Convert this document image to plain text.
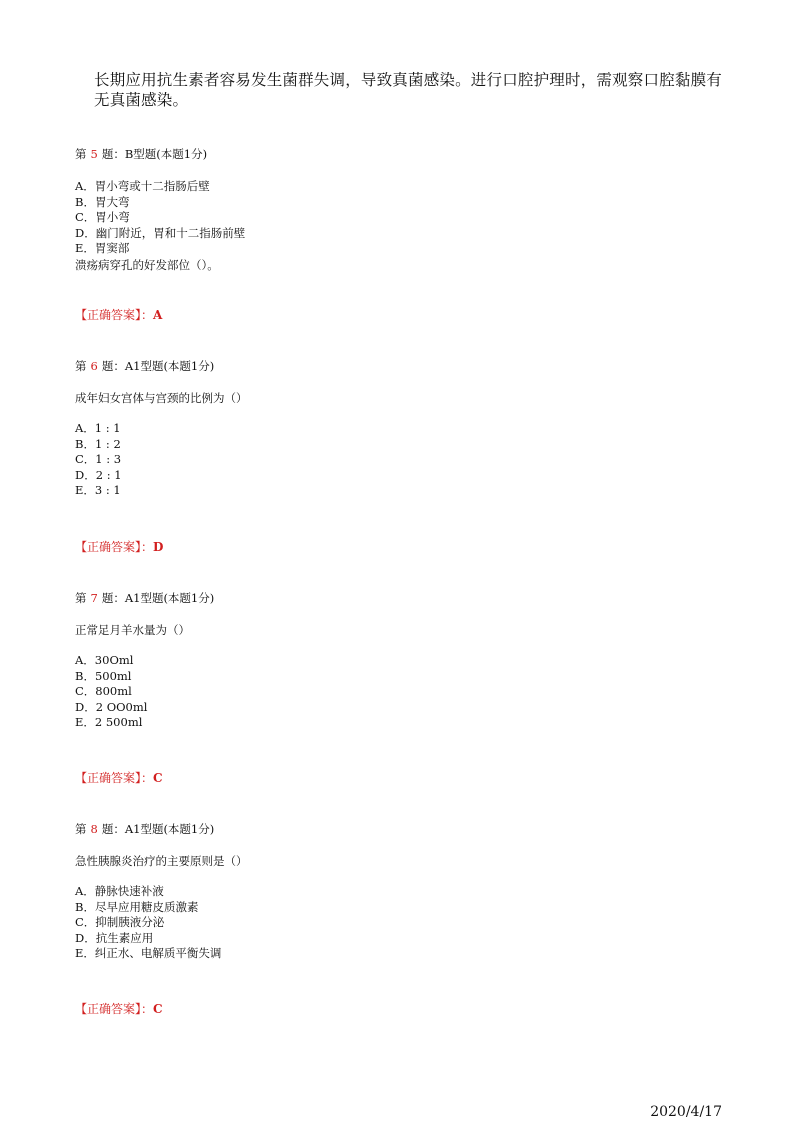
长期应用抗生素者容易发生菌群失调，导致真菌感染。进行口腔护理时，需观察口腔黏膜有无真菌感染。
第 5 题：B型题(本题1分)
A．胃小弯或十二指肠后壁
B．胃大弯
C．胃小弯
D．幽门附近，胃和十二指肠前壁
E．胃窦部
溃疡病穿孔的好发部位（）。
【正确答案】：A
第 6 题：A1型题(本题1分)
成年妇女宫体与宫颈的比例为（）
A．1 : 1
B．1 : 2
C．1 : 3
D．2 : 1
E．3 : 1
【正确答案】：D
第 7 题：A1型题(本题1分)
正常足月羊水量为（）
A．30Oml
B．500ml
C．800ml
D．2 OO0ml
E．2 500ml
【正确答案】：C
第 8 题：A1型题(本题1分)
急性胰腺炎治疗的主要原则是（）
A．静脉快速补液
B．尽早应用糖皮质激素
C．抑制胰液分泌
D．抗生素应用
E．纠正水、电解质平衡失调
【正确答案】：C
2020/4/17
